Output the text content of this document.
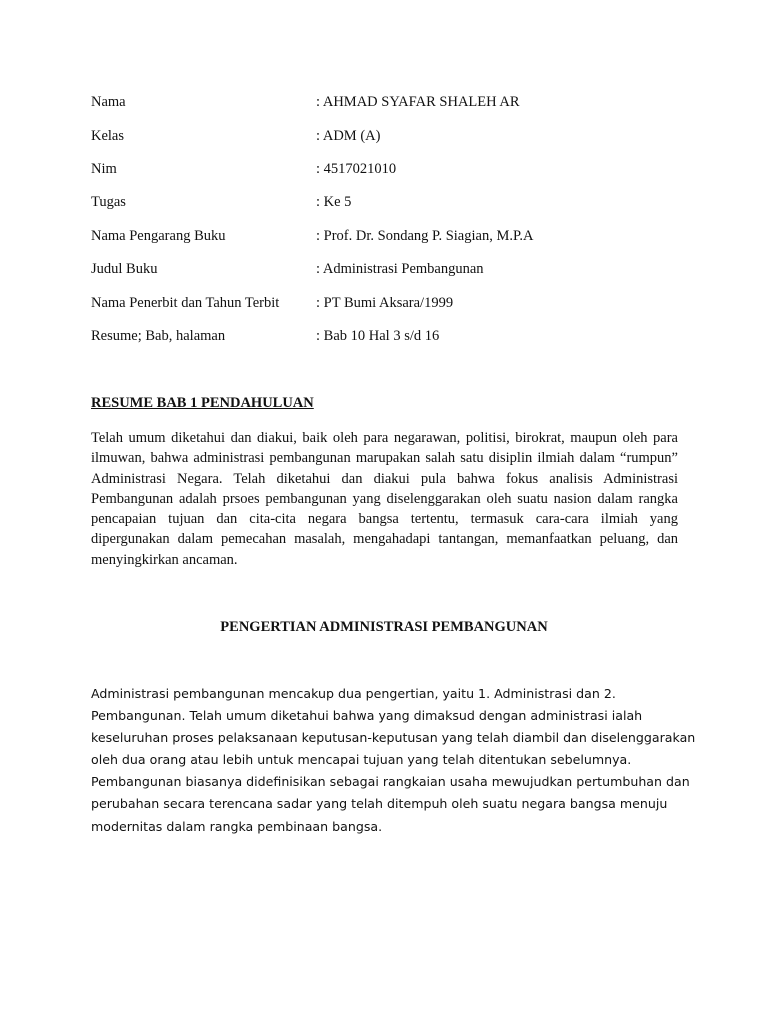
Nama	: AHMAD SYAFAR SHALEH AR
Kelas	: ADM (A)
Nim	: 4517021010
Tugas	: Ke 5
Nama Pengarang Buku	: Prof. Dr. Sondang P. Siagian, M.P.A
Judul Buku	: Administrasi Pembangunan
Nama Penerbit dan Tahun Terbit	: PT Bumi Aksara/1999
Resume; Bab, halaman	: Bab 10 Hal 3 s/d 16
RESUME BAB 1 PENDAHULUAN
Telah umum diketahui dan diakui, baik oleh para negarawan, politisi, birokrat, maupun oleh para
ilmuwan, bahwa administrasi pembangunan marupakan salah satu disiplin ilmiah dalam “rumpun”
Administrasi Negara. Telah diketahui dan diakui pula bahwa fokus analisis Administrasi
Pembangunan adalah prsoes pembangunan yang diselenggarakan oleh suatu nasion dalam rangka
pencapaian tujuan dan cita-cita negara bangsa tertentu, termasuk cara-cara ilmiah yang
dipergunakan dalam pemecahan masalah, mengahadapi tantangan, memanfaatkan peluang, dan
menyingkirkan ancaman.
PENGERTIAN ADMINISTRASI PEMBANGUNAN
Administrasi pembangunan mencakup dua pengertian, yaitu 1. Administrasi dan 2.
Pembangunan. Telah umum diketahui bahwa yang dimaksud dengan administrasi ialah
keseluruhan proses pelaksanaan keputusan-keputusan yang telah diambil dan diselenggarakan
oleh dua orang atau lebih untuk mencapai tujuan yang telah ditentukan sebelumnya.
Pembangunan biasanya didefinisikan sebagai rangkaian usaha mewujudkan pertumbuhan dan
perubahan secara terencana sadar yang telah ditempuh oleh suatu negara bangsa menuju
modernitas dalam rangka pembinaan bangsa.
